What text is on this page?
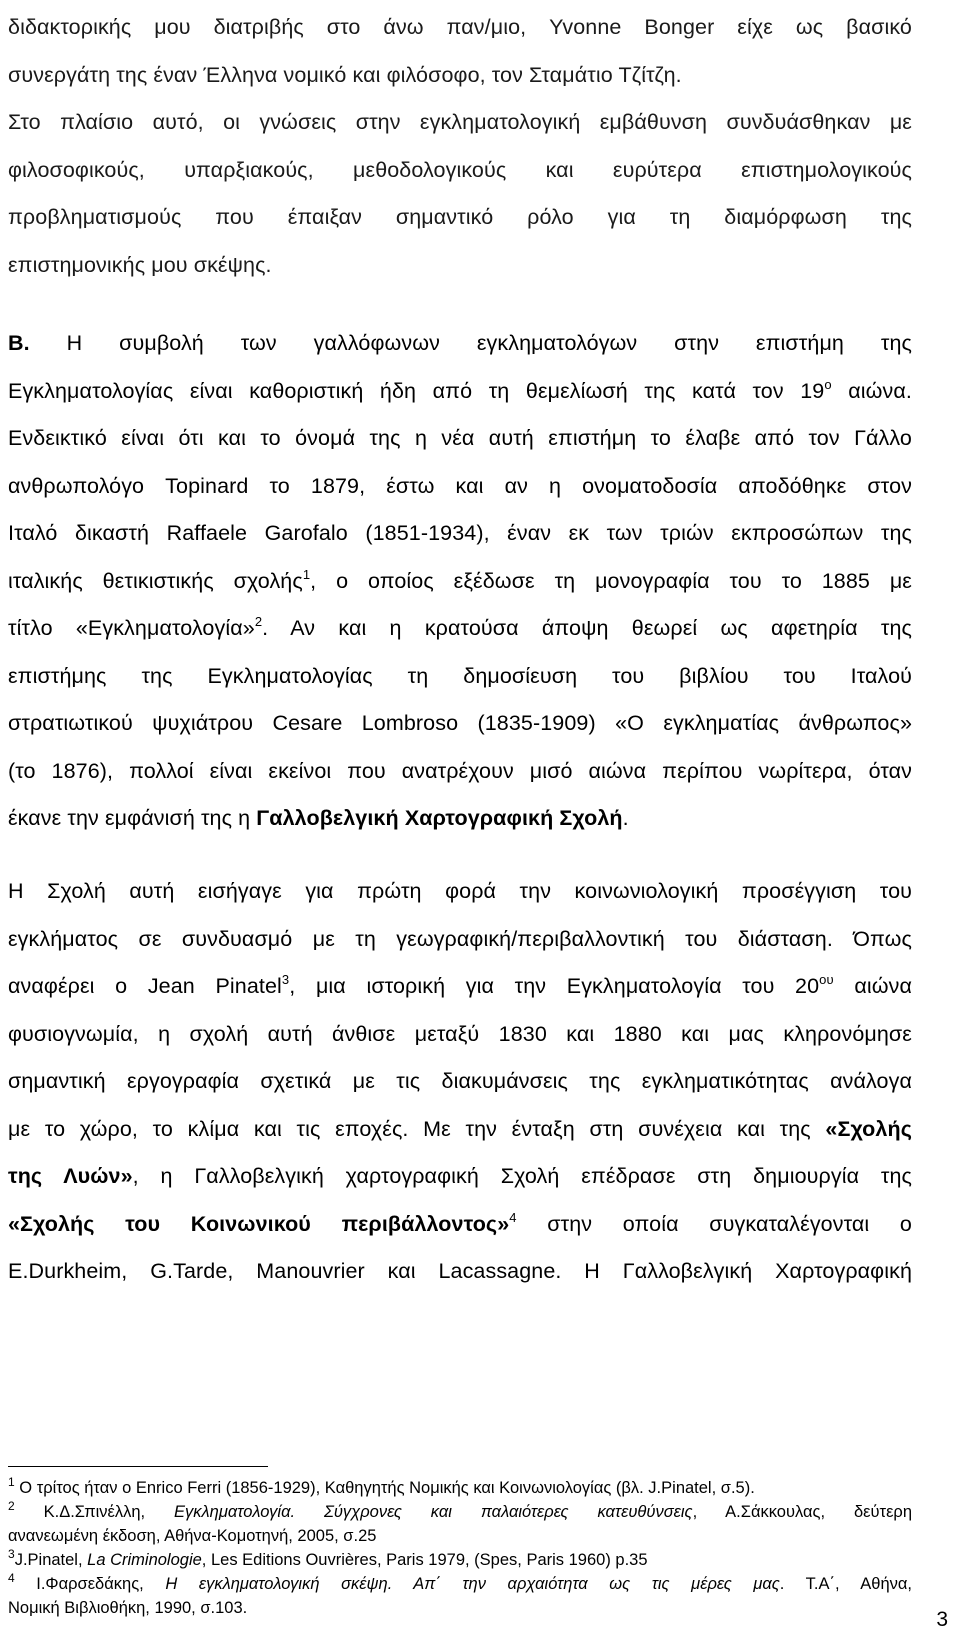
διδακτορικής μου διατριβής στο άνω παν/μιο, Yvonne Bonger είχε ως βασικό
συνεργάτη της έναν Έλληνα νομικό και φιλόσοφο, τον Σταμάτιο Τζίτζη.
Στο πλαίσιο αυτό, οι γνώσεις στην εγκληματολογική εμβάθυνση συνδυάσθηκαν με
φιλοσοφικούς, υπαρξιακούς, μεθοδολογικούς και ευρύτερα επιστημολογικούς
προβληματισμούς που έπαιξαν σημαντικό ρόλο για τη διαμόρφωση της
επιστημονικής μου σκέψης.
Β. Η συμβολή των γαλλόφωνων εγκληματολόγων στην επιστήμη της
Εγκληματολογίας είναι καθοριστική ήδη από τη θεμελίωσή της κατά τον $19^o$ αιώνα.
Ενδεικτικό είναι ότι και το όνομά της η νέα αυτή επιστήμη το έλαβε από τον Γάλλο
ανθρωπολόγο Topinard το 1879, έστω και αν η ονοματοδοσία αποδόθηκε στον
Ιταλό δικαστή Raffaele Garofalo (1851-1934), έναν εκ των τριών εκπροσώπων της
ιταλικής θετικιστικής σχολής$^1$, ο οποίος εξέδωσε τη μονογραφία του το 1885 με
τίτλο «Εγκληματολογία»$^2$. Αν και η κρατούσα άποψη θεωρεί ως αφετηρία της
επιστήμης της Εγκληματολογίας τη δημοσίευση του βιβλίου του Ιταλού
στρατιωτικού ψυχιάτρου Cesare Lombroso (1835-1909) «Ο εγκληματίας άνθρωπος»
(το 1876), πολλοί είναι εκείνοι που ανατρέχουν μισό αιώνα περίπου νωρίτερα, όταν
έκανε την εμφάνισή της η Γαλλοβελγική Χαρτογραφική Σχολή.
Η Σχολή αυτή εισήγαγε για πρώτη φορά την κοινωνιολογική προσέγγιση του
εγκλήματος σε συνδυασμό με τη γεωγραφική/περιβαλλοντική του διάσταση. Όπως
αναφέρει ο Jean Pinatel$^3$, μια ιστορική για την Εγκληματολογία του $20^{o\upsilon}$ αιώνα
φυσιογνωμία, η σχολή αυτή άνθισε μεταξύ 1830 και 1880 και μας κληρονόμησε
σημαντική εργογραφία σχετικά με τις διακυμάνσεις της εγκληματικότητας ανάλογα
με το χώρο, το κλίμα και τις εποχές. Με την ένταξη στη συνέχεια και της «Σχολής
της Λυών», η Γαλλοβελγική χαρτογραφική Σχολή επέδρασε στη δημιουργία της
«Σχολής του Κοινωνικού περιβάλλοντος»$^4$ στην οποία συγκαταλέγονται ο
E.Durkheim, G.Tarde, Manouvrier και Lacassagne. Η Γαλλοβελγική Χαρτογραφική
$^1$ Ο τρίτος ήταν ο Enrico Ferri (1856-1929), Καθηγητής Νομικής και Κοινωνιολογίας (βλ. J.Pinatel, σ.5).
$^2$ Κ.Δ.Σπινέλλη, Εγκληματολογία. Σύγχρονες και παλαιότερες κατευθύνσεις, Α.Σάκκουλας, δεύτερη
ανανεωμένη έκδοση, Αθήνα-Κομοτηνή, 2005, σ.25
$^3$J.Pinatel, La Criminologie, Les Editions Ouvrières, Paris 1979, (Spes, Paris 1960) p.35
$^4$ Ι.Φαρσεδάκης, Η εγκληματολογική σκέψη. Απ΄ την αρχαιότητα ως τις μέρες μας. Τ.Α΄, Αθήνα,
Νομική Βιβλιοθήκη, 1990, σ.103.	3
